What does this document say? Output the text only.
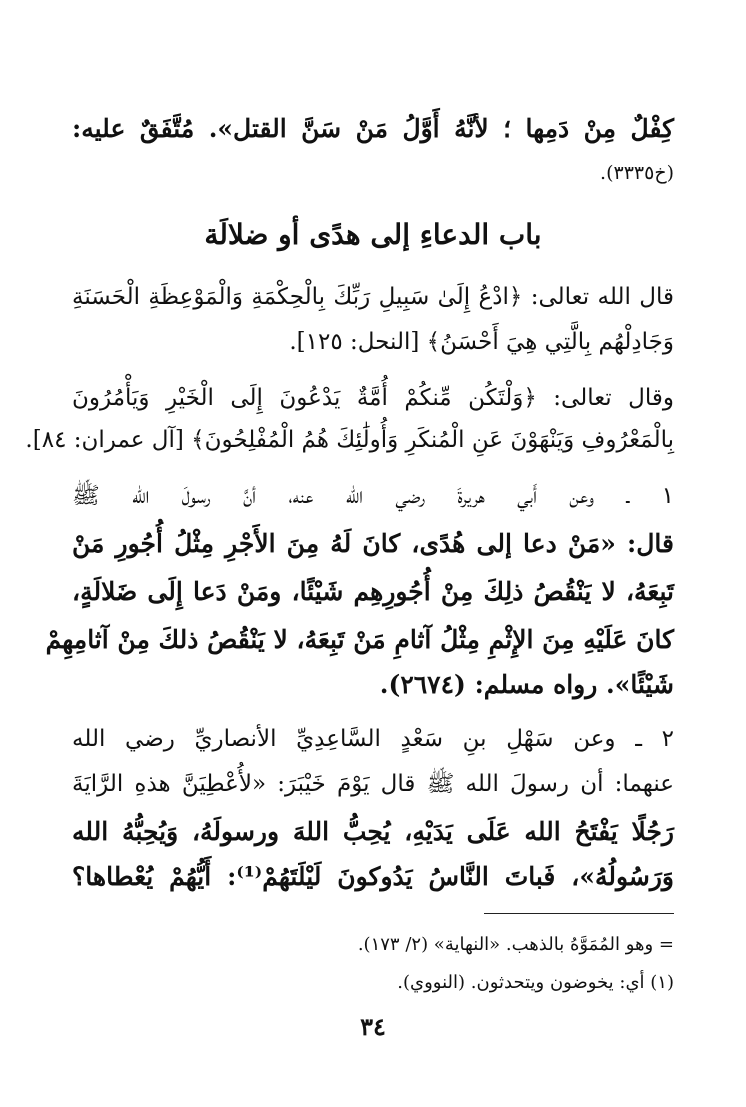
كِفْلٌ مِنْ دَمِها ؛ لأنَّهُ أَوَّلُ مَنْ سَنَّ القتل». مُتَّفَقٌ عليه:
(خ٣٣٣٥).
باب الدعاءِ إلى هدًى أو ضلالَة
قال الله تعالى: ﴿ادْعُ إِلَىٰ سَبِيلِ رَبِّكَ بِالْحِكْمَةِ وَالْمَوْعِظَةِ الْحَسَنَةِ
وَجَادِلْهُم بِالَّتِي هِيَ أَحْسَنُ﴾ [النحل: ١٢٥].
وقال تعالى: ﴿وَلْتَكُن مِّنكُمْ أُمَّةٌ يَدْعُونَ إِلَى الْخَيْرِ وَيَأْمُرُونَ
بِالْمَعْرُوفِ وَيَنْهَوْنَ عَنِ الْمُنكَرِ وَأُولَٰئِكَ هُمُ الْمُفْلِحُونَ﴾ [آل عمران: ٨٤].
١ ـ وعن أَبي هريرةَ رضي الله عنه، أنَّ رسولَ الله ﷺ
قال: «مَنْ دعا إلى هُدًى، كانَ لَهُ مِنَ الأَجْرِ مِثْلُ أُجُورِ مَنْ
تَبِعَهُ، لا يَنْقُصُ ذلِكَ مِنْ أُجُورِهِم شَيْئًا، ومَنْ دَعا إِلَى ضَلالَةٍ،
كانَ عَلَيْهِ مِنَ الإِثْمِ مِثْلُ آثامِ مَنْ تَبِعَهُ، لا يَنْقُصُ ذلكَ مِنْ آثامِهِمْ
شَيْئًا». رواه مسلم: (٢٦٧٤).
٢ ـ وعن سَهْلِ بنِ سَعْدٍ السَّاعِدِيِّ الأنصاريِّ رضي الله
عنهما: أن رسولَ الله ﷺ قال يَوْمَ خَيْبَرَ: «لأُعْطِيَنَّ هذهِ الرَّايَةَ
رَجُلًا يَفْتَحُ الله عَلَى يَدَيْهِ، يُحِبُّ اللهَ ورسولَهُ، وَيُحِبُّهُ الله
وَرَسُولُهُ»، فَباتَ النَّاسُ يَدُوكونَ لَيْلَتَهُمْ⁽¹⁾: أَيُّهُمْ يُعْطاها؟
= وهو المُمَوَّهُ بالذهب. «النهاية» (٢/ ١٧٣).
(١) أي: يخوضون ويتحدثون. (النووي).
٣٤
